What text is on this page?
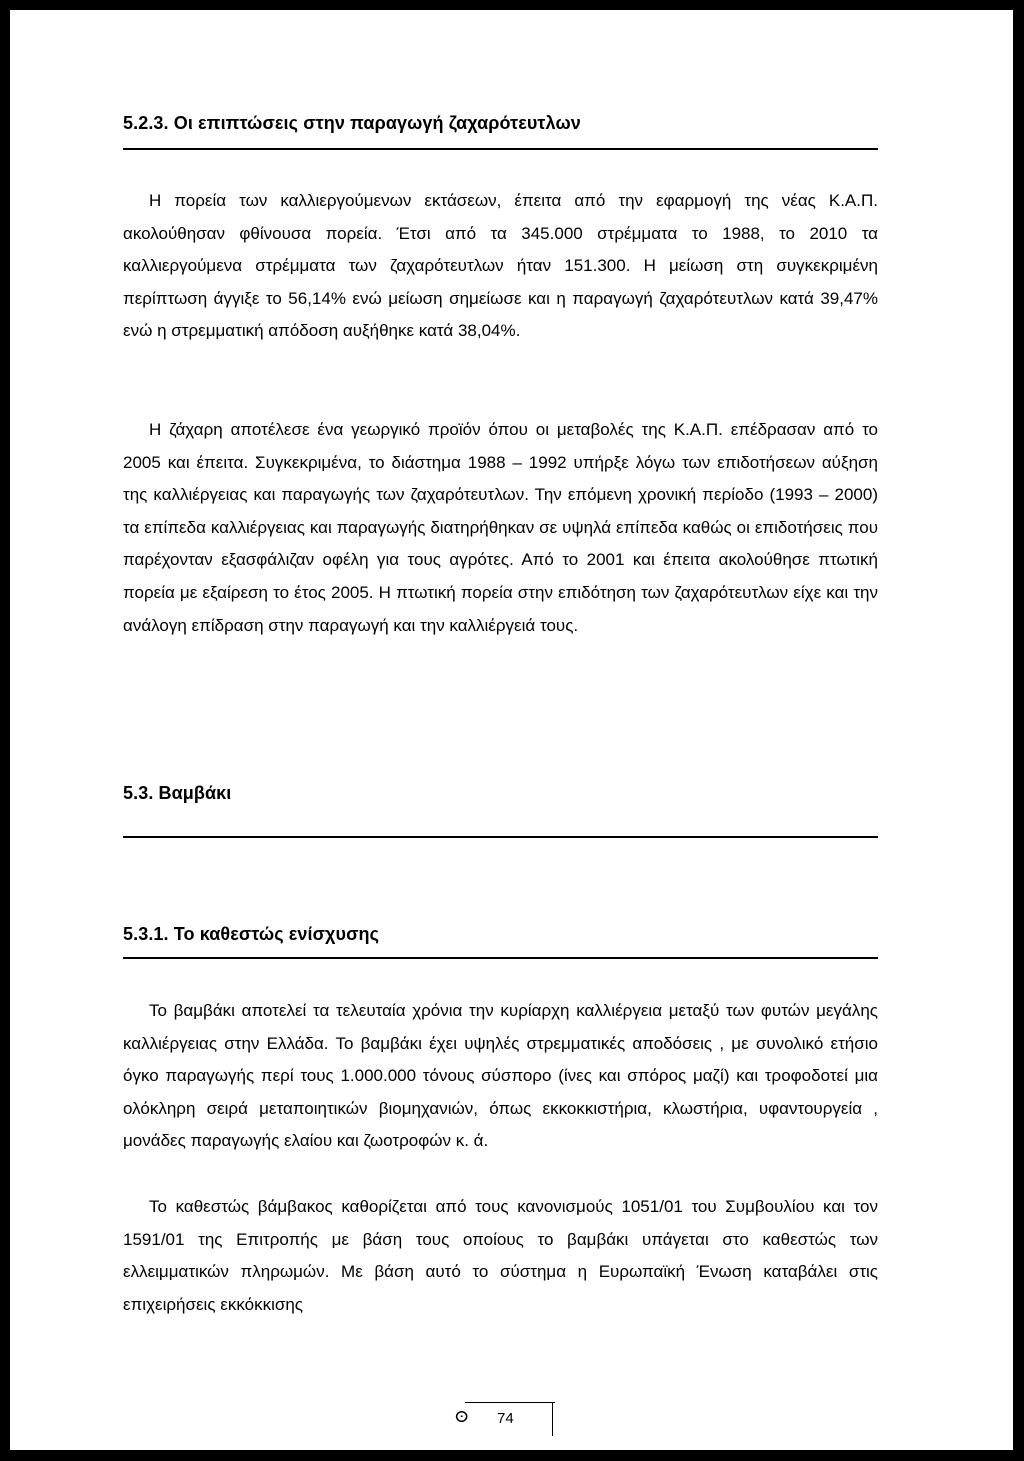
5.2.3. Οι επιπτώσεις στην παραγωγή ζαχαρότευτλων

Η πορεία των καλλιεργούμενων εκτάσεων, έπειτα από την εφαρμογή της νέας Κ.Α.Π. ακολούθησαν φθίνουσα πορεία. Έτσι από τα 345.000 στρέμματα το 1988, το 2010 τα καλλιεργούμενα στρέμματα των ζαχαρότευτλων ήταν 151.300. Η μείωση στη συγκεκριμένη περίπτωση άγγιξε το 56,14% ενώ μείωση σημείωσε και η παραγωγή ζαχαρότευτλων κατά 39,47% ενώ η στρεμματική απόδοση αυξήθηκε κατά 38,04%.

Η ζάχαρη αποτέλεσε ένα γεωργικό προϊόν όπου οι μεταβολές της Κ.Α.Π. επέδρασαν από το 2005 και έπειτα. Συγκεκριμένα, το διάστημα 1988 – 1992 υπήρξε λόγω των επιδοτήσεων αύξηση της καλλιέργειας και παραγωγής των ζαχαρότευτλων. Την επόμενη χρονική περίοδο (1993 – 2000) τα επίπεδα καλλιέργειας και παραγωγής διατηρήθηκαν σε υψηλά επίπεδα καθώς οι επιδοτήσεις που παρέχονταν εξασφάλιζαν οφέλη για τους αγρότες. Από το 2001 και έπειτα ακολούθησε πτωτική πορεία με εξαίρεση το έτος 2005. Η πτωτική πορεία στην επιδότηση των ζαχαρότευτλων είχε και την ανάλογη επίδραση στην παραγωγή και την καλλιέργειά τους.

5.3. Βαμβάκι
5.3.1. Το καθεστώς ενίσχυσης

Το βαμβάκι αποτελεί τα τελευταία χρόνια την κυρίαρχη καλλιέργεια μεταξύ των φυτών μεγάλης καλλιέργειας στην Ελλάδα. Το βαμβάκι έχει υψηλές στρεμματικές αποδόσεις , με συνολικό ετήσιο όγκο παραγωγής περί τους 1.000.000 τόνους σύσπορο (ίνες και σπόρος μαζί) και τροφοδοτεί μια ολόκληρη σειρά μεταποιητικών βιομηχανιών, όπως εκκοκκιστήρια, κλωστήρια, υφαντουργεία , μονάδες παραγωγής ελαίου και ζωοτροφών κ. ά.

Το καθεστώς βάμβακος καθορίζεται από τους κανονισμούς 1051/01 του Συμβουλίου και τον 1591/01 της Επιτροπής με βάση τους οποίους το βαμβάκι υπάγεται στο καθεστώς των ελλειμματικών πληρωμών. Με βάση αυτό το σύστημα η Ευρωπαϊκή Ένωση καταβάλει στις επιχειρήσεις εκκόκκισης

ⵙ 74
